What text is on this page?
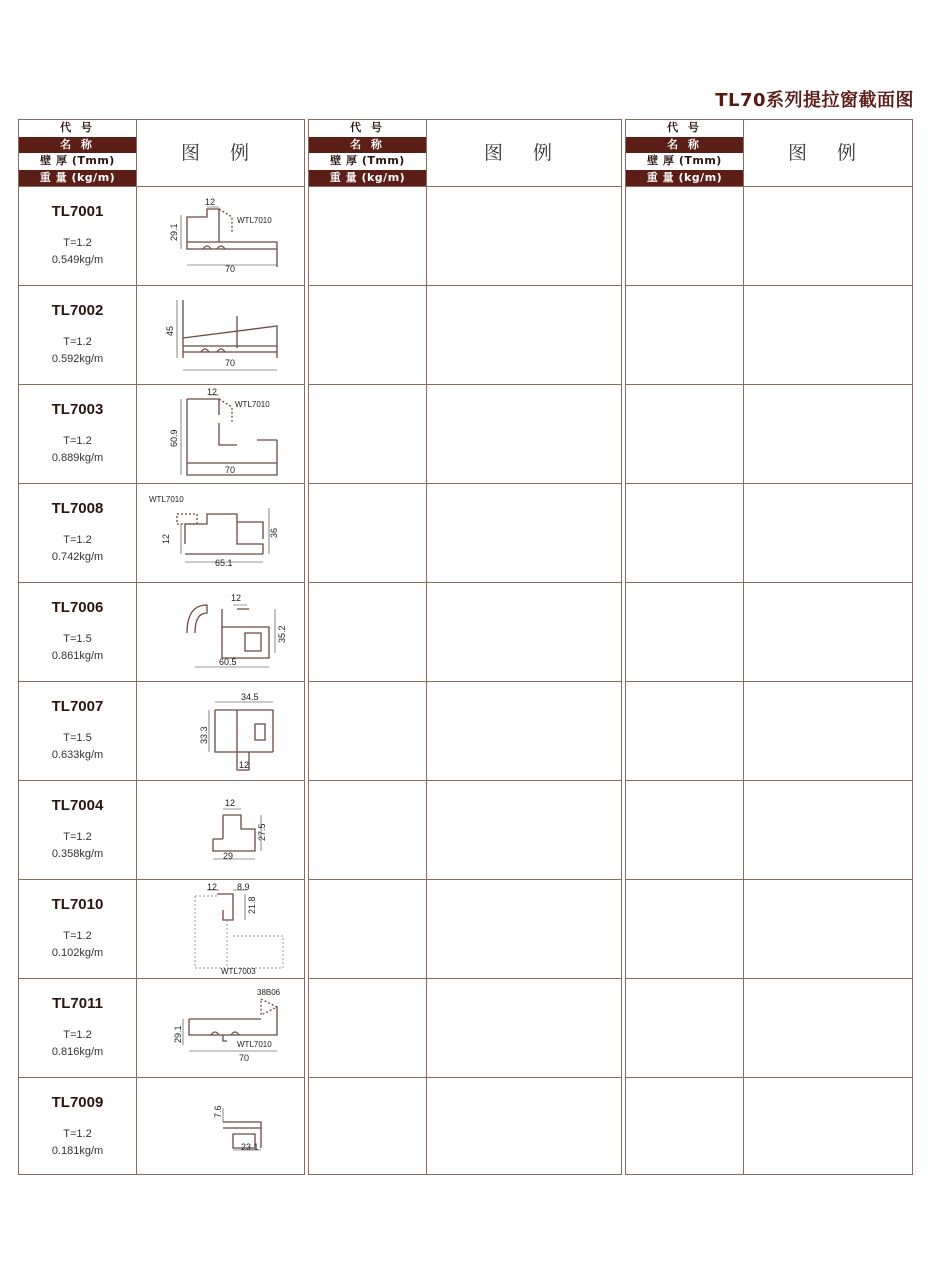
TL70系列提拉窗截面图
代 号
名 称
壁 厚 (Tmm)
重 量 (kg/m)
图 例
TL7001
T=1.2
0.549kg/m
12
29.1
70
WTL7010
TL7002
T=1.2
0.592kg/m
45
70
TL7003
T=1.2
0.889kg/m
12
60.9
70
WTL7010
TL7008
T=1.2
0.742kg/m
WTL7010
12
36
65.1
TL7006
T=1.5
0.861kg/m
12
35.2
60.5
TL7007
T=1.5
0.633kg/m
34.5
33.3
12
TL7004
T=1.2
0.358kg/m
12
27.5
29
TL7010
T=1.2
0.102kg/m
12 8.9
21.8
WTL7003
TL7011
T=1.2
0.816kg/m
38B06
29.1
WTL7010
70
TL7009
T=1.2
0.181kg/m
7.6
23.1
代 号
名 称
壁 厚 (Tmm)
重 量 (kg/m)
图 例
代 号
名 称
壁 厚 (Tmm)
重 量 (kg/m)
图 例
